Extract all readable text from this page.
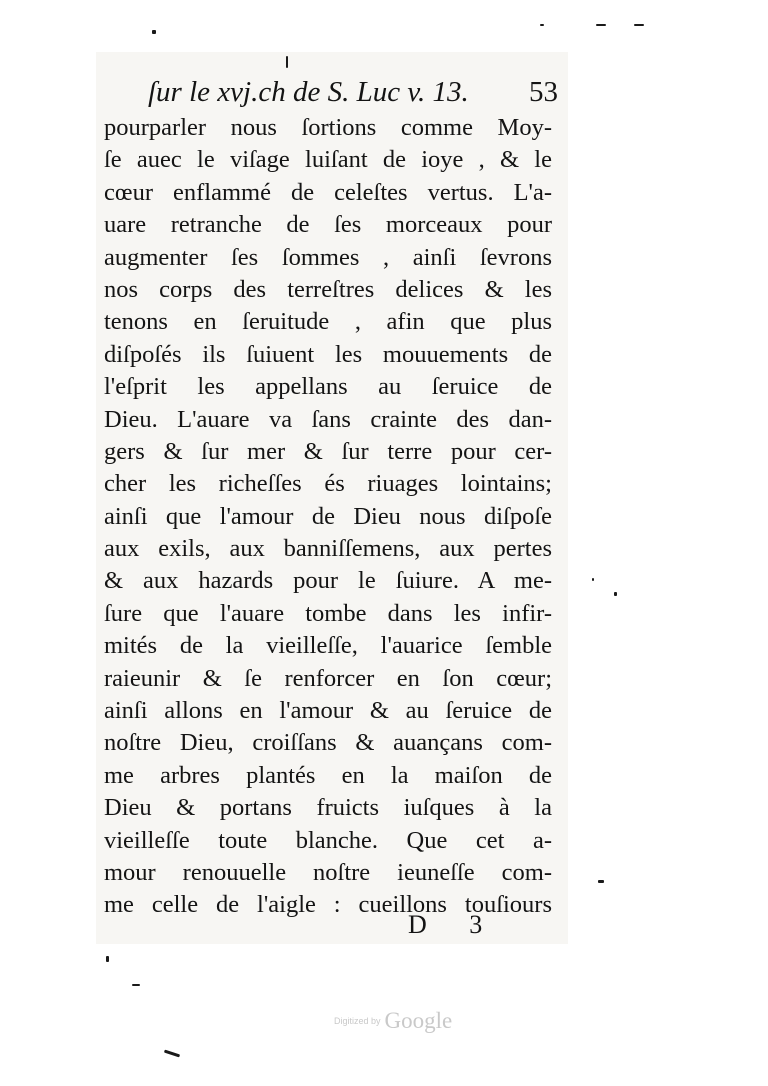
ſur le xvj.ch de S. Luc v. 13. 53
pourparler nous ſortions comme Moy-
ſe auec le viſage luiſant de ioye , & le
cœur enflammé de celeſtes vertus. L'a-
uare retranche de ſes morceaux pour
augmenter ſes ſommes , ainſi ſevrons
nos corps des terreſtres delices & les
tenons en ſeruitude , afin que plus
diſpoſés ils ſuiuent les mouuements de
l'eſprit les appellans au ſeruice de
Dieu. L'auare va ſans crainte des dan-
gers & ſur mer & ſur terre pour cer-
cher les richeſſes és riuages lointains;
ainſi que l'amour de Dieu nous diſpoſe
aux exils, aux banniſſemens, aux pertes
& aux hazards pour le ſuiure. A me-
ſure que l'auare tombe dans les infir-
mités de la vieilleſſe, l'auarice ſemble
raieunir & ſe renforcer en ſon cœur;
ainſi allons en l'amour & au ſeruice de
noſtre Dieu, croiſſans & auançans com-
me arbres plantés en la maiſon de
Dieu & portans fruicts iuſques à la
vieilleſſe toute blanche. Que cet a-
mour renouuelle noſtre ieuneſſe com-
me celle de l'aigle : cueillons touſiours
D 3
$^{Digitized by}$ Google
